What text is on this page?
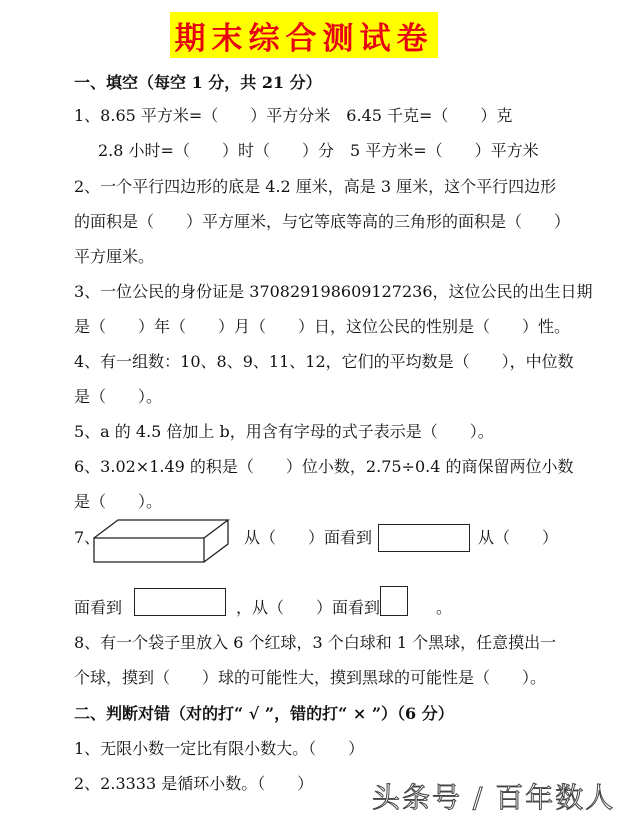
期末综合测试卷
一、填空（每空 1 分，共 21 分）
1、8.65 平方米=（　　）平方分米　6.45 千克=（　　）克
2.8 小时=（　　）时（　　）分　5 平方米=（　　）平方米
2、一个平行四边形的底是 4.2 厘米，高是 3 厘米，这个平行四边形
的面积是（　　）平方厘米，与它等底等高的三角形的面积是（　　）
平方厘米。
3、一位公民的身份证是 370829198609127236，这位公民的出生日期
是（　　）年（　　）月（　　）日，这位公民的性别是（　　）性。
4、有一组数：10、8、9、11、12，它们的平均数是（　　），中位数
是（　　）。
5、a 的 4.5 倍加上 b，用含有字母的式子表示是（　　）。
6、3.02×1.49 的积是（　　）位小数，2.75÷0.4 的商保留两位小数
是（　　）。
7、	从（　　）面看到	从（　　）
面看到	，从（　　）面看到	。
8、有一个袋子里放入 6 个红球，3 个白球和 1 个黑球，任意摸出一
个球，摸到（　　）球的可能性大，摸到黑球的可能性是（　　）。
二、判断对错（对的打“ √ ”，错的打“ × ”）（6 分）
1、无限小数一定比有限小数大。（　　）
2、2.3333 是循环小数。（　　） 头条号 / 百年数人
